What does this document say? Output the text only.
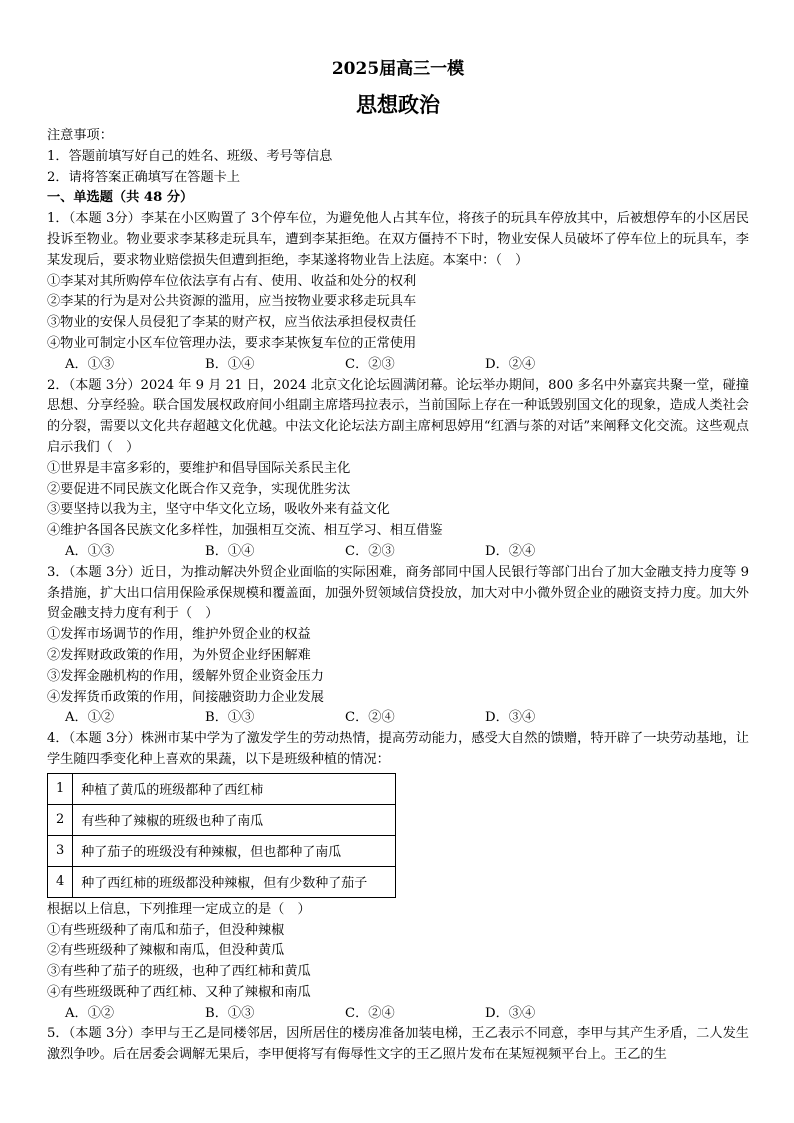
2025届高三一模
思想政治
注意事项：
1．答题前填写好自己的姓名、班级、考号等信息
2．请将答案正确填写在答题卡上
一、单选题（共 48 分）
1．（本题 3分）李某在小区购置了 3个停车位，为避免他人占其车位，将孩子的玩具车停放其中，后被想停车的小区居民投诉至物业。物业要求李某移走玩具车，遭到李某拒绝。在双方僵持不下时，物业安保人员破坏了停车位上的玩具车，李某发现后，要求物业赔偿损失但遭到拒绝，李某遂将物业告上法庭。本案中：（　）
①李某对其所购停车位依法享有占有、使用、收益和处分的权利
②李某的行为是对公共资源的滥用，应当按物业要求移走玩具车
③物业的安保人员侵犯了李某的财产权，应当依法承担侵权责任
④物业可制定小区车位管理办法，要求李某恢复车位的正常使用
A．①③	B．①④	C．②③	D．②④
2．（本题 3分）2024 年 9 月 21 日，2024 北京文化论坛圆满闭幕。论坛举办期间，800 多名中外嘉宾共聚一堂，碰撞思想、分享经验。联合国发展权政府间小组副主席塔玛拉表示，当前国际上存在一种诋毁别国文化的现象，造成人类社会的分裂，需要以文化共存超越文化优越。中法文化论坛法方副主席柯思婷用“红酒与茶的对话”来阐释文化交流。这些观点启示我们（　）
①世界是丰富多彩的，要维护和倡导国际关系民主化
②要促进不同民族文化既合作又竞争，实现优胜劣汰
③要坚持以我为主，坚守中华文化立场，吸收外来有益文化
④维护各国各民族文化多样性，加强相互交流、相互学习、相互借鉴
A．①③	B．①④	C．②③	D．②④
3．（本题 3分）近日，为推动解决外贸企业面临的实际困难，商务部同中国人民银行等部门出台了加大金融支持力度等 9条措施，扩大出口信用保险承保规模和覆盖面，加强外贸领域信贷投放，加大对中小微外贸企业的融资支持力度。加大外贸金融支持力度有利于（　）
①发挥市场调节的作用，维护外贸企业的权益
②发挥财政政策的作用，为外贸企业纾困解难
③发挥金融机构的作用，缓解外贸企业资金压力
④发挥货币政策的作用，间接融资助力企业发展
A．①②	B．①③	C．②④	D．③④
4．（本题 3分）株洲市某中学为了激发学生的劳动热情，提高劳动能力，感受大自然的馈赠，特开辟了一块劳动基地，让学生随四季变化种上喜欢的果蔬，以下是班级种植的情况：
1	种植了黄瓜的班级都种了西红柿
2	有些种了辣椒的班级也种了南瓜
3	种了茄子的班级没有种辣椒，但也都种了南瓜
4	种了西红柿的班级都没种辣椒，但有少数种了茄子
根据以上信息，下列推理一定成立的是（　）
①有些班级种了南瓜和茄子，但没种辣椒
②有些班级种了辣椒和南瓜，但没种黄瓜
③有些种了茄子的班级，也种了西红柿和黄瓜
④有些班级既种了西红柿、又种了辣椒和南瓜
A．①②	B．①③	C．②④	D．③④
5．（本题 3分）李甲与王乙是同楼邻居，因所居住的楼房准备加装电梯，王乙表示不同意，李甲与其产生矛盾，二人发生激烈争吵。后在居委会调解无果后，李甲便将写有侮辱性文字的王乙照片发布在某短视频平台上。王乙的生
